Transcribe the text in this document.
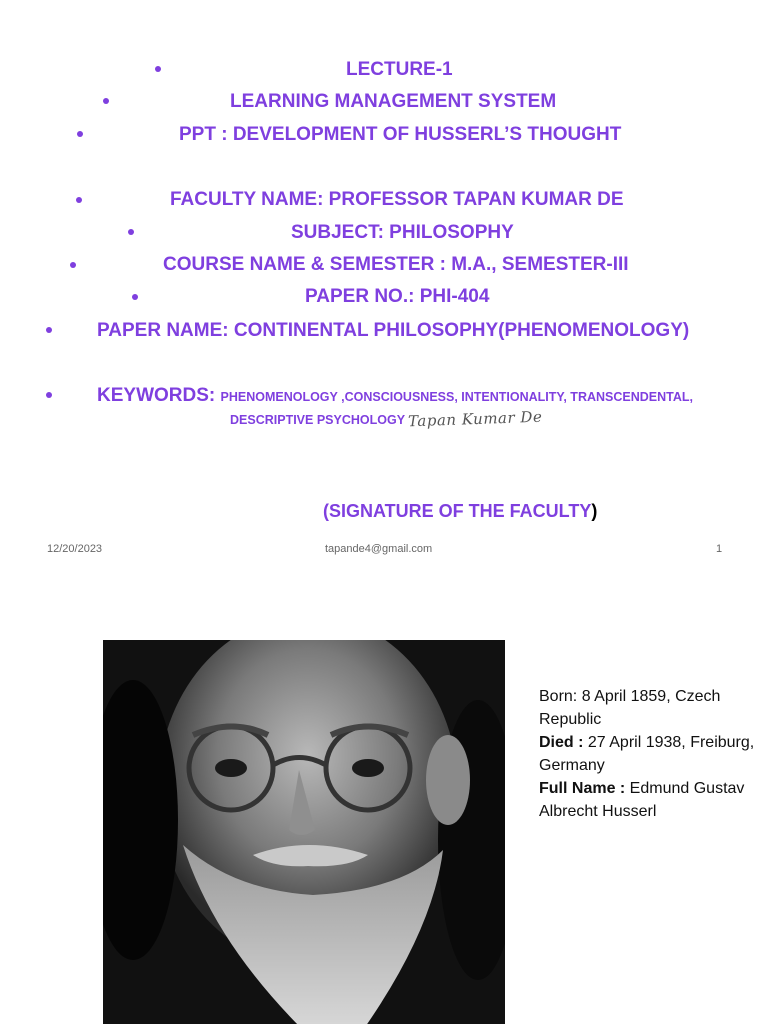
LECTURE-1
LEARNING MANAGEMENT SYSTEM
PPT : DEVELOPMENT OF HUSSERL’S THOUGHT
FACULTY NAME: PROFESSOR TAPAN KUMAR DE
SUBJECT: PHILOSOPHY
COURSE NAME & SEMESTER : M.A., SEMESTER-III
PAPER NO.: PHI-404
PAPER NAME: CONTINENTAL PHILOSOPHY(PHENOMENOLOGY)
KEYWORDS: PHENOMENOLOGY ,CONSCIOUSNESS, INTENTIONALITY, TRANSCENDENTAL,
DESCRIPTIVE PSYCHOLOGY Tapan Kumar De
(SIGNATURE OF THE FACULTY)
12/20/2023	tapande4@gmail.com	1
Born: 8 April 1859, Czech Republic
Died : 27 April 1938, Freiburg, Germany
Full Name : Edmund Gustav Albrecht Husserl
